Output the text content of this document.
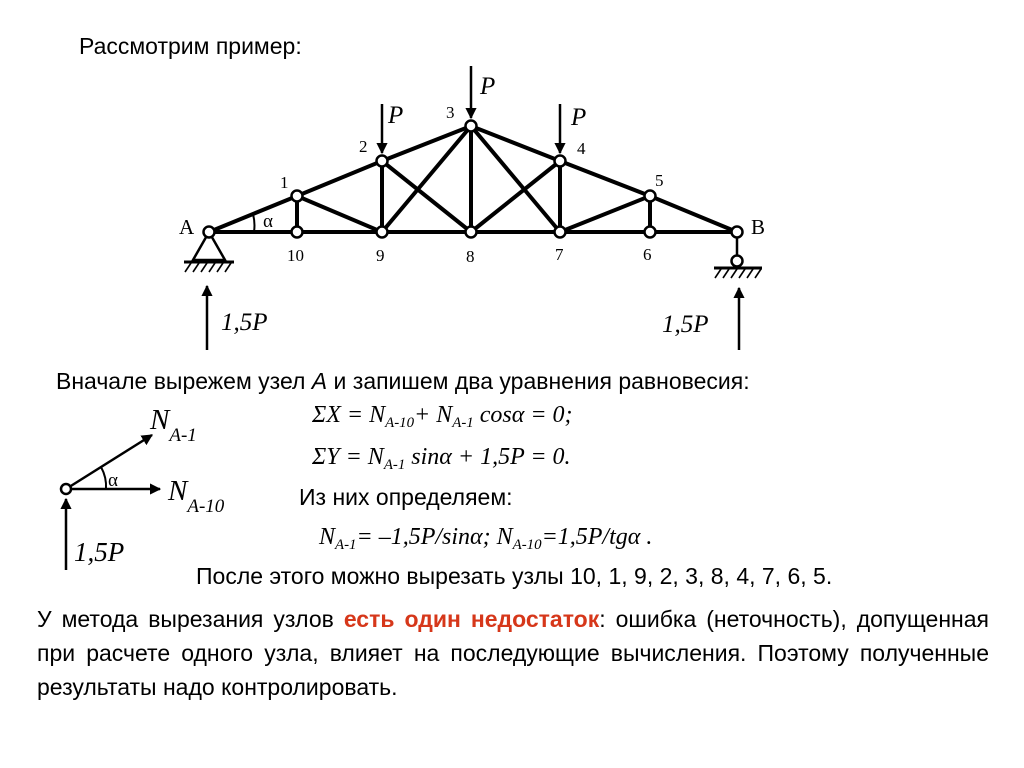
Рассмотрим пример:
A	B
α
P
P
P
1,5P	1,5P
1
2
3
4
5
6
7
8
9
10
α
$N_{A-1}$
$N_{A-10}$
1,5P
Вначале вырежем узел A и запишем два уравнения равновесия:
$\Sigma X = N_{A-10}+ N_{A-1}$ cosα = 0;
$\Sigma Y = N_{A-1}$ sinα + 1,5P = 0.
Из них определяем:
$N_{A-1}= -1,5P/\sin\alpha$; $N_{A-10}=1,5P$/tgα .
После этого можно вырезать узлы 10, 1, 9, 2, 3, 8, 4, 7, 6, 5.
У метода вырезания узлов есть один недостаток: ошибка (неточность), допущенная при расчете одного узла, влияет на последующие вычисления. Поэтому полученные результаты надо контролировать.
